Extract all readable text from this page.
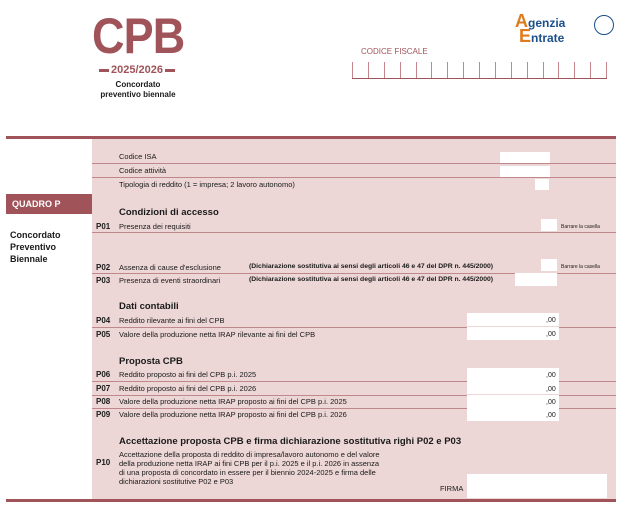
CPB
2025/2026
Concordato
preventivo biennale
Agenzia
Entrate
CODICE FISCALE
QUADRO P
Concordato
Preventivo
Biennale
Codice ISA
Codice attività
Tipologia di reddito (1 = impresa; 2 lavoro autonomo)
Condizioni di accesso
P01 Presenza dei requisiti	Barrare la casella
P02 Assenza di cause d'esclusione	(Dichiarazione sostitutiva ai sensi degli articoli 46 e 47 del DPR n. 445/2000)	Barrare la casella
P03 Presenza di eventi straordinari	(Dichiarazione sostitutiva ai sensi degli articoli 46 e 47 del DPR n. 445/2000)
Dati contabili
P04 Reddito rilevante ai fini del CPB	,00
P05 Valore della produzione netta IRAP rilevante ai fini del CPB	,00
Proposta CPB
P06 Reddito proposto ai fini del CPB p.i. 2025	,00
P07 Reddito proposto ai fini del CPB p.i. 2026	,00
P08 Valore della produzione netta IRAP proposto ai fini del CPB p.i. 2025	,00
P09 Valore della produzione netta IRAP proposto ai fini del CPB p.i. 2026	,00
Accettazione proposta CPB e firma dichiarazione sostitutiva righi P02 e P03
P10
Accettazione della proposta di reddito di impresa/lavoro autonomo e del valore
della produzione netta IRAP ai fini CPB per il p.i. 2025 e il p.i. 2026 in assenza
di una proposta di concordato in essere per il biennio 2024-2025 e firma delle
dichiarazioni sostitutive P02 e P03
FIRMA
